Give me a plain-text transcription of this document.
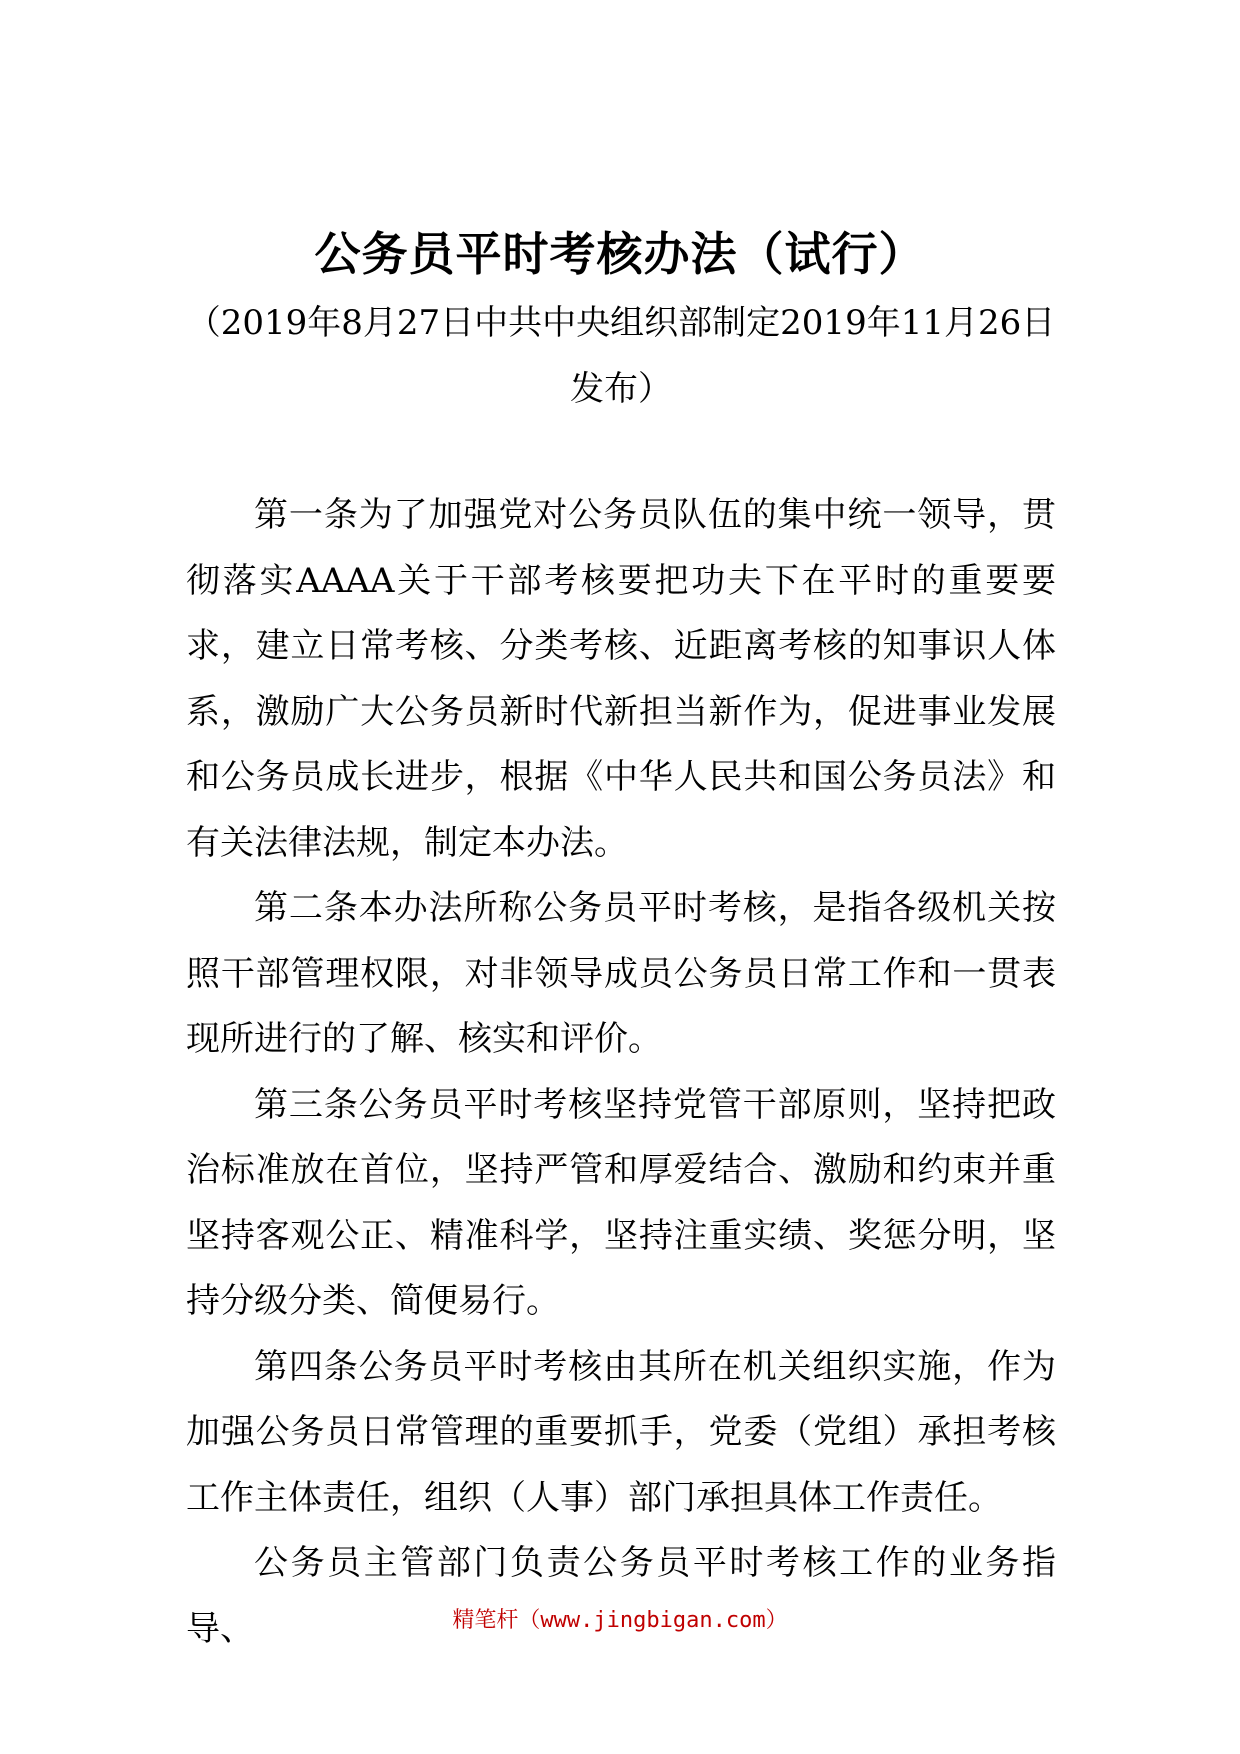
公务员平时考核办法（试行）

（2019年8月27日中共中央组织部制定2019年11月26日发布）

第一条为了加强党对公务员队伍的集中统一领导，贯彻落实AAAA关于干部考核要把功夫下在平时的重要要求，建立日常考核、分类考核、近距离考核的知事识人体系，激励广大公务员新时代新担当新作为，促进事业发展和公务员成长进步，根据《中华人民共和国公务员法》和有关法律法规，制定本办法。

第二条本办法所称公务员平时考核，是指各级机关按照干部管理权限，对非领导成员公务员日常工作和一贯表现所进行的了解、核实和评价。

第三条公务员平时考核坚持党管干部原则，坚持把政治标准放在首位，坚持严管和厚爱结合、激励和约束并重坚持客观公正、精准科学，坚持注重实绩、奖惩分明，坚持分级分类、简便易行。

第四条公务员平时考核由其所在机关组织实施，作为加强公务员日常管理的重要抓手，党委（党组）承担考核工作主体责任，组织（人事）部门承担具体工作责任。

公务员主管部门负责公务员平时考核工作的业务指导、	精笔杆（www.jingbigan.com）
